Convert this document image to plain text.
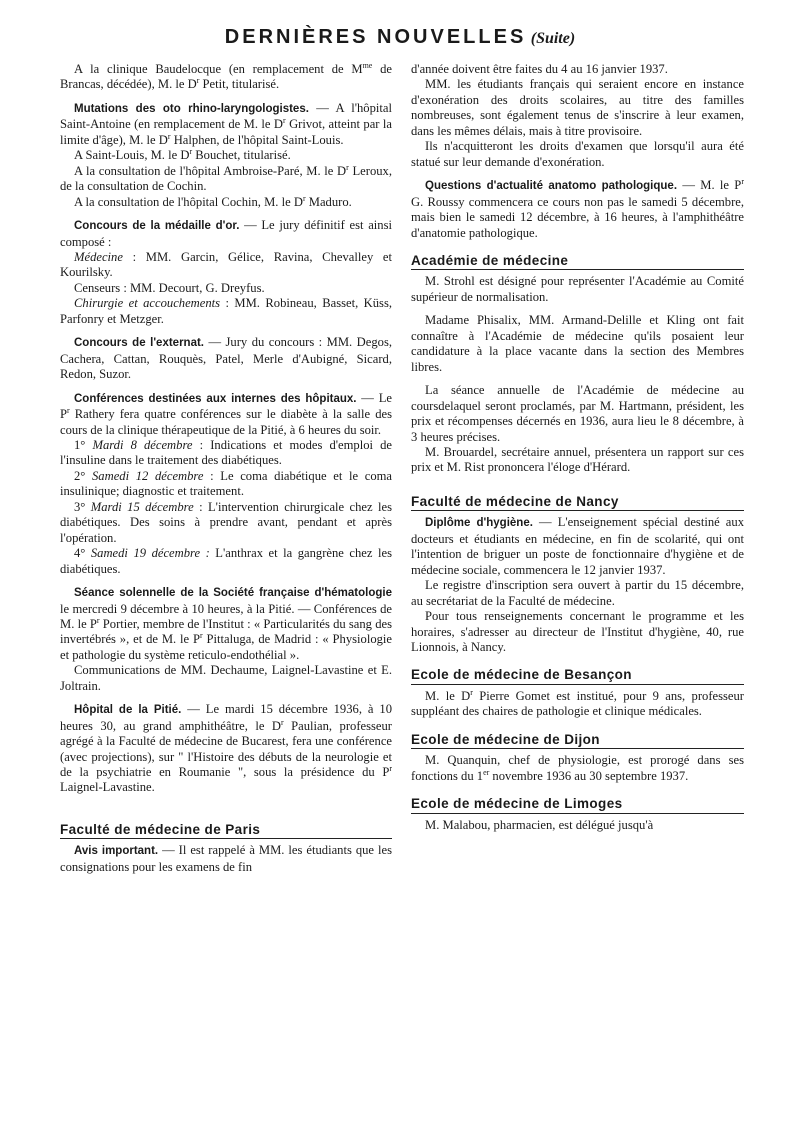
DERNIÈRES NOUVELLES (Suite)

A la clinique Baudelocque (en remplacement de $M^{me}$ de Brancas, décédée), M. le $D^r$ Petit, titularisé.

Mutations des oto rhino-laryngologistes. — A l'hôpital Saint-Antoine (en remplacement de M. le $D^r$ Grivot, atteint par la limite d'âge), M. le $D^r$ Halphen, de l'hôpital Saint-Louis.

A Saint-Louis, M. le $D^r$ Bouchet, titularisé.

A la consultation de l'hôpital Ambroise-Paré, M. le $D^r$ Leroux, de la consultation de Cochin.

A la consultation de l'hôpital Cochin, M. le $D^r$ Maduro.

Concours de la médaille d'or. — Le jury définitif est ainsi composé :

Médecine : MM. Garcin, Gélice, Ravina, Chevalley et Kourilsky.

Censeurs : MM. Decourt, G. Dreyfus.

Chirurgie et accouchements : MM. Robineau, Basset, Küss, Parfonry et Metzger.

Concours de l'externat. — Jury du concours : MM. Degos, Cachera, Cattan, Rouquès, Patel, Merle d'Aubigné, Sicard, Redon, Suzor.

Conférences destinées aux internes des hôpitaux. — Le $P^r$ Rathery fera quatre conférences sur le diabète à la salle des cours de la clinique thérapeutique de la Pitié, à 6 heures du soir.

1° Mardi 8 décembre : Indications et modes d'emploi de l'insuline dans le traitement des diabétiques.

2° Samedi 12 décembre : Le coma diabétique et le coma insulinique; diagnostic et traitement.

3° Mardi 15 décembre : L'intervention chirurgicale chez les diabétiques. Des soins à prendre avant, pendant et après l'opération.

4° Samedi 19 décembre : L'anthrax et la gangrène chez les diabétiques.

Séance solennelle de la Société française d'hématologie le mercredi 9 décembre à 10 heures, à la Pitié. — Conférences de M. le $P^r$ Portier, membre de l'Institut : « Particularités du sang des invertébrés », et de M. le $P^r$ Pittaluga, de Madrid : « Physiologie et pathologie du système reticulo-endothélial ».

Communications de MM. Dechaume, Laignel-Lavastine et E. Joltrain.

Hôpital de la Pitié. — Le mardi 15 décembre 1936, à 10 heures 30, au grand amphithéâtre, le $D^r$ Paulian, professeur agrégé à la Faculté de médecine de Bucarest, fera une conférence (avec projections), sur " l'Histoire des débuts de la neurologie et de la psychiatrie en Roumanie ", sous la présidence du $P^r$ Laignel-Lavastine.

Faculté de médecine de Paris

Avis important. — Il est rappelé à MM. les étudiants que les consignations pour les examens de fin

d'année doivent être faites du 4 au 16 janvier 1937.

MM. les étudiants français qui seraient encore en instance d'exonération des droits scolaires, au titre des familles nombreuses, sont également tenus de s'inscrire à leur examen, dans les mêmes délais, mais à titre provisoire.

Ils n'acquitteront les droits d'examen que lorsqu'il aura été statué sur leur demande d'exonération.

Questions d'actualité anatomo pathologique. — M. le $P^r$ G. Roussy commencera ce cours non pas le samedi 5 décembre, mais bien le samedi 12 décembre, à 16 heures, à l'amphithéâtre d'anatomie pathologique.

Académie de médecine

M. Strohl est désigné pour représenter l'Académie au Comité supérieur de normalisation.

Madame Phisalix, MM. Armand-Delille et Kling ont fait connaître à l'Académie de médecine qu'ils posaient leur candidature à la place vacante dans la section des Membres libres.

La séance annuelle de l'Académie de médecine au coursdelaquel seront proclamés, par M. Hartmann, président, les prix et récompenses décernés en 1936, aura lieu le 8 décembre, à 3 heures précises.

M. Brouardel, secrétaire annuel, présentera un rapport sur ces prix et M. Rist prononcera l'éloge d'Hérard.

Faculté de médecine de Nancy

Diplôme d'hygiène. — L'enseignement spécial destiné aux docteurs et étudiants en médecine, en fin de scolarité, qui ont l'intention de briguer un poste de fonctionnaire d'hygiène et de médecine sociale, commencera le 12 janvier 1937.

Le registre d'inscription sera ouvert à partir du 15 décembre, au secrétariat de la Faculté de médecine.

Pour tous renseignements concernant le programme et les horaires, s'adresser au directeur de l'Institut d'hygiène, 40, rue Lionnois, à Nancy.

Ecole de médecine de Besançon

M. le $D^r$ Pierre Gomet est institué, pour 9 ans, professeur suppléant des chaires de pathologie et clinique médicales.

Ecole de médecine de Dijon

M. Quanquin, chef de physiologie, est prorogé dans ses fonctions du 1er novembre 1936 au 30 septembre 1937.

Ecole de médecine de Limoges

M. Malabou, pharmacien, est délégué jusqu'à
